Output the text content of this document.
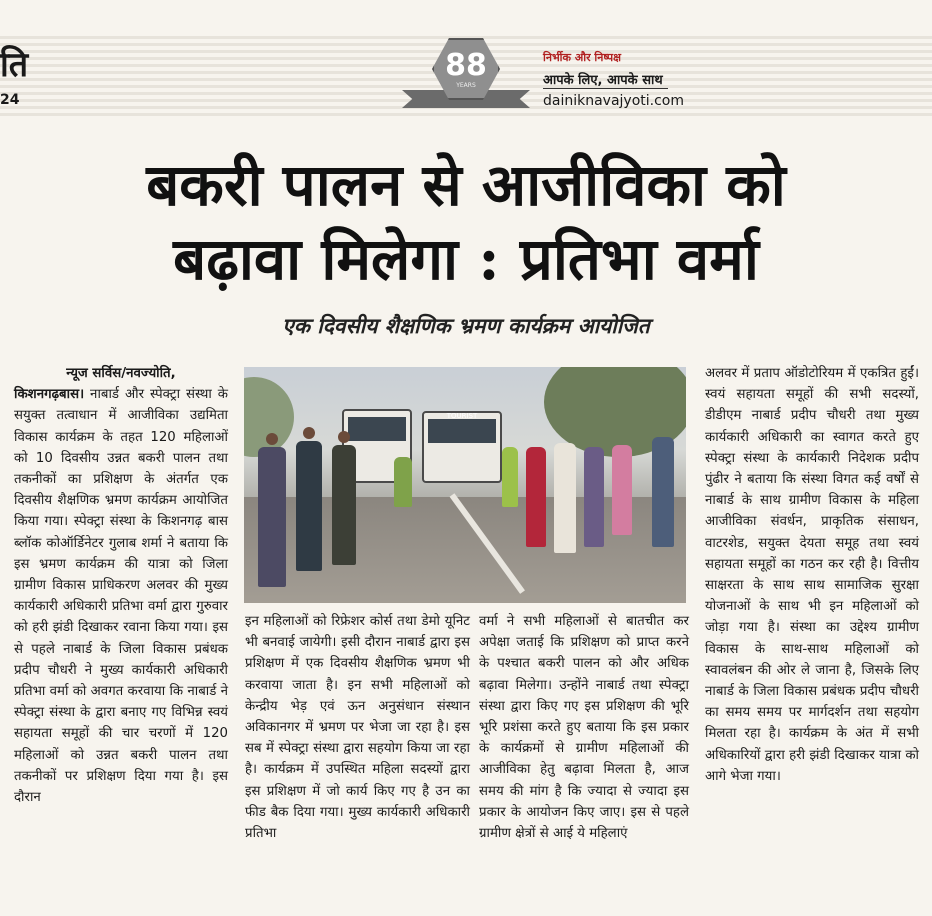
ति
24
88
YEARS
निर्भीक और निष्पक्ष
आपके लिए, आपके साथ
dainiknavajyoti.com
बकरी पालन से आजीविका को
बढ़ावा मिलेगा : प्रतिभा वर्मा
एक दिवसीय शैक्षणिक भ्रमण कार्यक्रम आयोजित
न्यूज सर्विस/नवज्योति,
किशनगढ़बास। नाबार्ड और स्पेक्ट्रा संस्था के सयुक्त तत्वाधान में आजीविका उद्यमिता विकास कार्यक्रम के तहत 120 महिलाओं को 10 दिवसीय उन्नत बकरी पालन तथा तकनीकों का प्रशिक्षण के अंतर्गत एक दिवसीय शैक्षणिक भ्रमण कार्यक्रम आयोजित किया गया। स्पेक्ट्रा संस्था के किशनगढ़ बास ब्लॉक कोऑर्डिनेटर गुलाब शर्मा ने बताया कि इस भ्रमण कार्यक्रम की यात्रा को जिला ग्रामीण विकास प्राधिकरण अलवर की मुख्य कार्यकारी अधिकारी प्रतिभा वर्मा द्वारा गुरुवार को हरी झंडी दिखाकर रवाना किया गया। इस से पहले नाबार्ड के जिला विकास प्रबंधक प्रदीप चौधरी ने मुख्य कार्यकारी अधिकारी प्रतिभा वर्मा को अवगत करवाया कि नाबार्ड ने स्पेक्ट्रा संस्था के द्वारा बनाए गए विभिन्न स्वयं सहायता समूहों की चार चरणों में 120 महिलाओं को उन्नत बकरी पालन तथा तकनीकों पर प्रशिक्षण दिया गया है। इस दौरान
TOURIST
इन महिलाओं को रिफ्रेशर कोर्स तथा डेमो यूनिट भी बनवाई जायेगी। इसी दौरान नाबार्ड द्वारा इस प्रशिक्षण में एक दिवसीय शैक्षणिक भ्रमण भी करवाया जाता है। इन सभी महिलाओं को केन्द्रीय भेड़ एवं ऊन अनुसंधान संस्थान अविकानगर में भ्रमण पर भेजा जा रहा है। इस सब में स्पेक्ट्रा संस्था द्वारा सहयोग किया जा रहा है। कार्यक्रम में उपस्थित महिला सदस्यों द्वारा इस प्रशिक्षण में जो कार्य किए गए है उन का फीड बैक दिया गया। मुख्य कार्यकारी अधिकारी प्रतिभा
वर्मा ने सभी महिलाओं से बातचीत कर अपेक्षा जताई कि प्रशिक्षण को प्राप्त करने के पश्चात बकरी पालन को और अधिक बढ़ावा मिलेगा। उन्होंने नाबार्ड तथा स्पेक्ट्रा संस्था द्वारा किए गए इस प्रशिक्षण की भूरि भूरि प्रशंसा करते हुए बताया कि इस प्रकार के कार्यक्रमों से ग्रामीण महिलाओं की आजीविका हेतु बढ़ावा मिलता है, आज समय की मांग है कि ज्यादा से ज्यादा इस प्रकार के आयोजन किए जाए। इस से पहले ग्रामीण क्षेत्रों से आई ये महिलाएं
अलवर में प्रताप ऑडोटोरियम में एकत्रित हुईं। स्वयं सहायता समूहों की सभी सदस्यों, डीडीएम नाबार्ड प्रदीप चौधरी तथा मुख्य कार्यकारी अधिकारी का स्वागत करते हुए स्पेक्ट्रा संस्था के कार्यकारी निदेशक प्रदीप पुंढीर ने बताया कि संस्था विगत कई वर्षों से नाबार्ड के साथ ग्रामीण विकास के महिला आजीविका संवर्धन, प्राकृतिक संसाधन, वाटरशेड, सयुक्त देयता समूह तथा स्वयं सहायता समूहों का गठन कर रही है। वित्तीय साक्षरता के साथ साथ सामाजिक सुरक्षा योजनाओं के साथ भी इन महिलाओं को जोड़ा गया है। संस्था का उद्देश्य ग्रामीण विकास के साथ-साथ महिलाओं को स्वावलंबन की ओर ले जाना है, जिसके लिए नाबार्ड के जिला विकास प्रबंधक प्रदीप चौधरी का समय समय पर मार्गदर्शन तथा सहयोग मिलता रहा है। कार्यक्रम के अंत में सभी अधिकारियों द्वारा हरी झंडी दिखाकर यात्रा को आगे भेजा गया।
